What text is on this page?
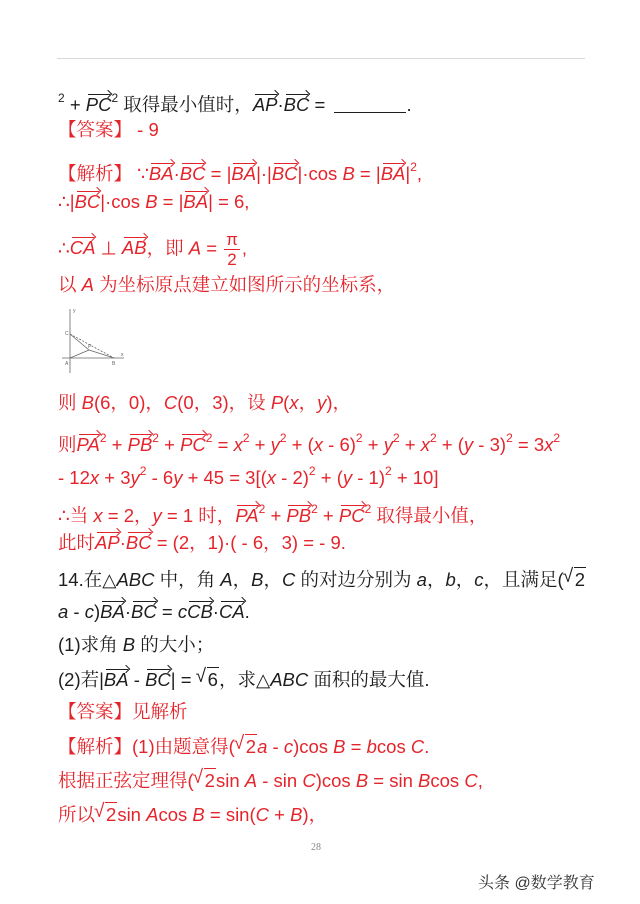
$^2 + PC^2$ 取得最小值时，AP·BC =	.
【答案】 - 9
【解析】 ∵BA·BC = |BA|·|BC|·cos $B = |BA|^2$,
∴|BC|·cos B = |BA| = 6,
∴CA ⊥ AB，即 $A = \frac{\pi}{2}$ ,
以 A 为坐标原点建立如图所示的坐标系，
则 B(6，0)，C(0，3)，设 P(x，y)，
则$PA^2 + PB^2 + PC^2 = x^2 + y^2 + (x - 6)^2 + y^2 + x^2 + (y - 3)^2 = 3x^2$
- $12x + 3y^2 - 6y + 45 = 3[(x - 2)^2 + (y - 1)^2 + 10]$
∴当 x = 2，y = 1 时，$PA^2 + PB^2 + PC^2$ 取得最小值，
此时AP·BC = (2，1)·( - 6，3) = - 9.
14.在△ABC 中，角 A，B，C 的对边分别为 a，b，c，且满足( √ 2
a - c)BA·BC = cCB·CA.
(1)求角 B 的大小；
(2)若|BA - BC| = √ 6，求△ABC 面积的最大值.
【答案】见解析
【解析】(1)由题意得( √ 2a - c)cos B = bcos C.
根据正弦定理得( √ 2sin A - sin C)cos B = sin Bcos C,
所以 √ 2sin Acos B = sin(C + B)，
y
x
A	B
C
P
28
头条 @数学教育
